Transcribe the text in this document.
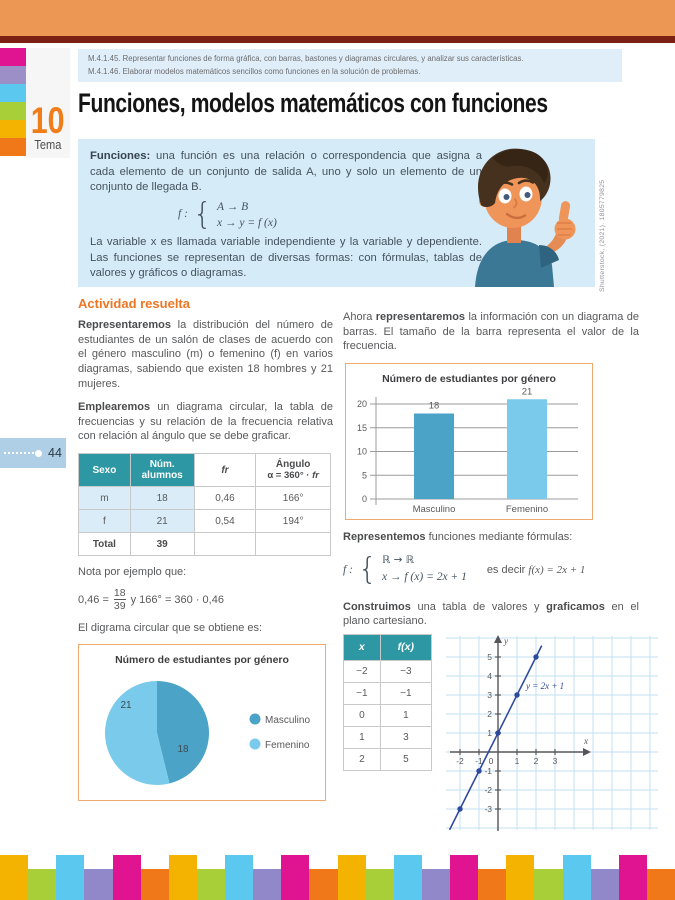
10
Tema
M.4.1.45. Representar funciones de forma gráfica, con barras, bastones y diagramas circulares, y analizar sus características.
M.4.1.46. Elaborar modelos matemáticos sencillos como funciones en la solución de problemas.
Funciones, modelos matemáticos con funciones

Funciones: una función es una relación o correspondencia que asigna a cada elemento de un conjunto de salida A, uno y solo un elemento de un conjunto de llegada B.

f : { A → B
x → y = f (x)

La variable x es llamada variable independiente y la variable y dependiente. Las funciones se representan de diversas formas: con fórmulas, tablas de valores y gráficos o diagramas.	Shutterstock, (2021). 1805779825
44
Actividad resuelta

Representaremos la distribución del número de estudiantes de un salón de clases de acuerdo con el género masculino (m) o femenino (f) en varios diagramas, sabiendo que existen 18 hombres y 21 mujeres.

Emplearemos un diagrama circular, la tabla de frecuencias y su relación de la frecuencia relativa con relación al ángulo que se debe graficar.

Sexo	Núm. alumnos	fr	Ángulo
α = 360° · fr

m	18	0,46	166°
f	21	0,54	194°
Total	39		

Nota por ejemplo que:

$0,46 = \frac{18}{39}$ y 166° = 360 · 0,46

El digrama circular que se obtiene es:

Número de estudiantes por género
18
21
Masculino
Femenino

Ahora representaremos la información con un diagrama de barras. El tamaño de la barra representa el valor de la frecuencia.

Número de estudiantes por género
0
5
10
15
20	18
Masculino
21
Femenino

Representemos funciones mediante fórmulas:

f : { ℝ → ℝ
x → f (x) = 2x + 1
es decir f(x) = 2x + 1

Construimos una tabla de valores y graficamos en el plano cartesiano.

x	f(x)
−2	−3
−1	−1
0	1
1	3
2	5
y
x
-2 -1 0	1 2 3
5
4
3
2
1
-1
-2
-3
y = 2x + 1
